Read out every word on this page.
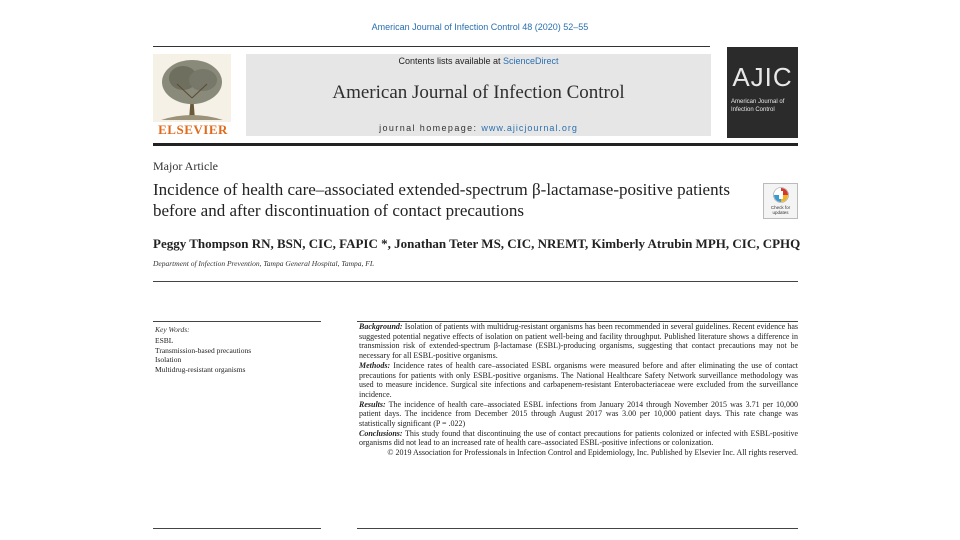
American Journal of Infection Control 48 (2020) 52–55
ELSEVIER
Contents lists available at ScienceDirect
American Journal of Infection Control
journal homepage: www.ajicjournal.org
AJIC
American Journal of Infection Control
Major Article
Incidence of health care–associated extended-spectrum β-lactamase-positive patients before and after discontinuation of contact precautions	Check for updates
Peggy Thompson RN, BSN, CIC, FAPIC *, Jonathan Teter MS, CIC, NREMT, Kimberly Atrubin MPH, CIC, CPHQ
Department of Infection Prevention, Tampa General Hospital, Tampa, FL
Key Words:
ESBL
Transmission-based precautions
Isolation
Multidrug-resistant organisms

Background: Isolation of patients with multidrug-resistant organisms has been recommended in several guidelines. Recent evidence has suggested potential negative effects of isolation on patient well-being and facility throughput. Published literature shows a difference in transmission risk of extended-spectrum β-lactamase (ESBL)-producing organisms, suggesting that contact precautions may not be necessary for all ESBL-positive organisms.

Methods: Incidence rates of health care–associated ESBL organisms were measured before and after eliminating the use of contact precautions for patients with only ESBL-positive organisms. The National Healthcare Safety Network surveillance methodology was used to measure incidence. Surgical site infections and carbapenem-resistant Enterobacteriaceae were excluded from the surveillance incidence.

Results: The incidence of health care–associated ESBL infections from January 2014 through November 2015 was 3.71 per 10,000 patient days. The incidence from December 2015 through August 2017 was 3.00 per 10,000 patient days. This rate change was statistically significant (P = .022)

Conclusions: This study found that discontinuing the use of contact precautions for patients colonized or infected with ESBL-positive organisms did not lead to an increased rate of health care–associated ESBL-positive infections or colonization.

© 2019 Association for Professionals in Infection Control and Epidemiology, Inc. Published by Elsevier Inc. All rights reserved.
